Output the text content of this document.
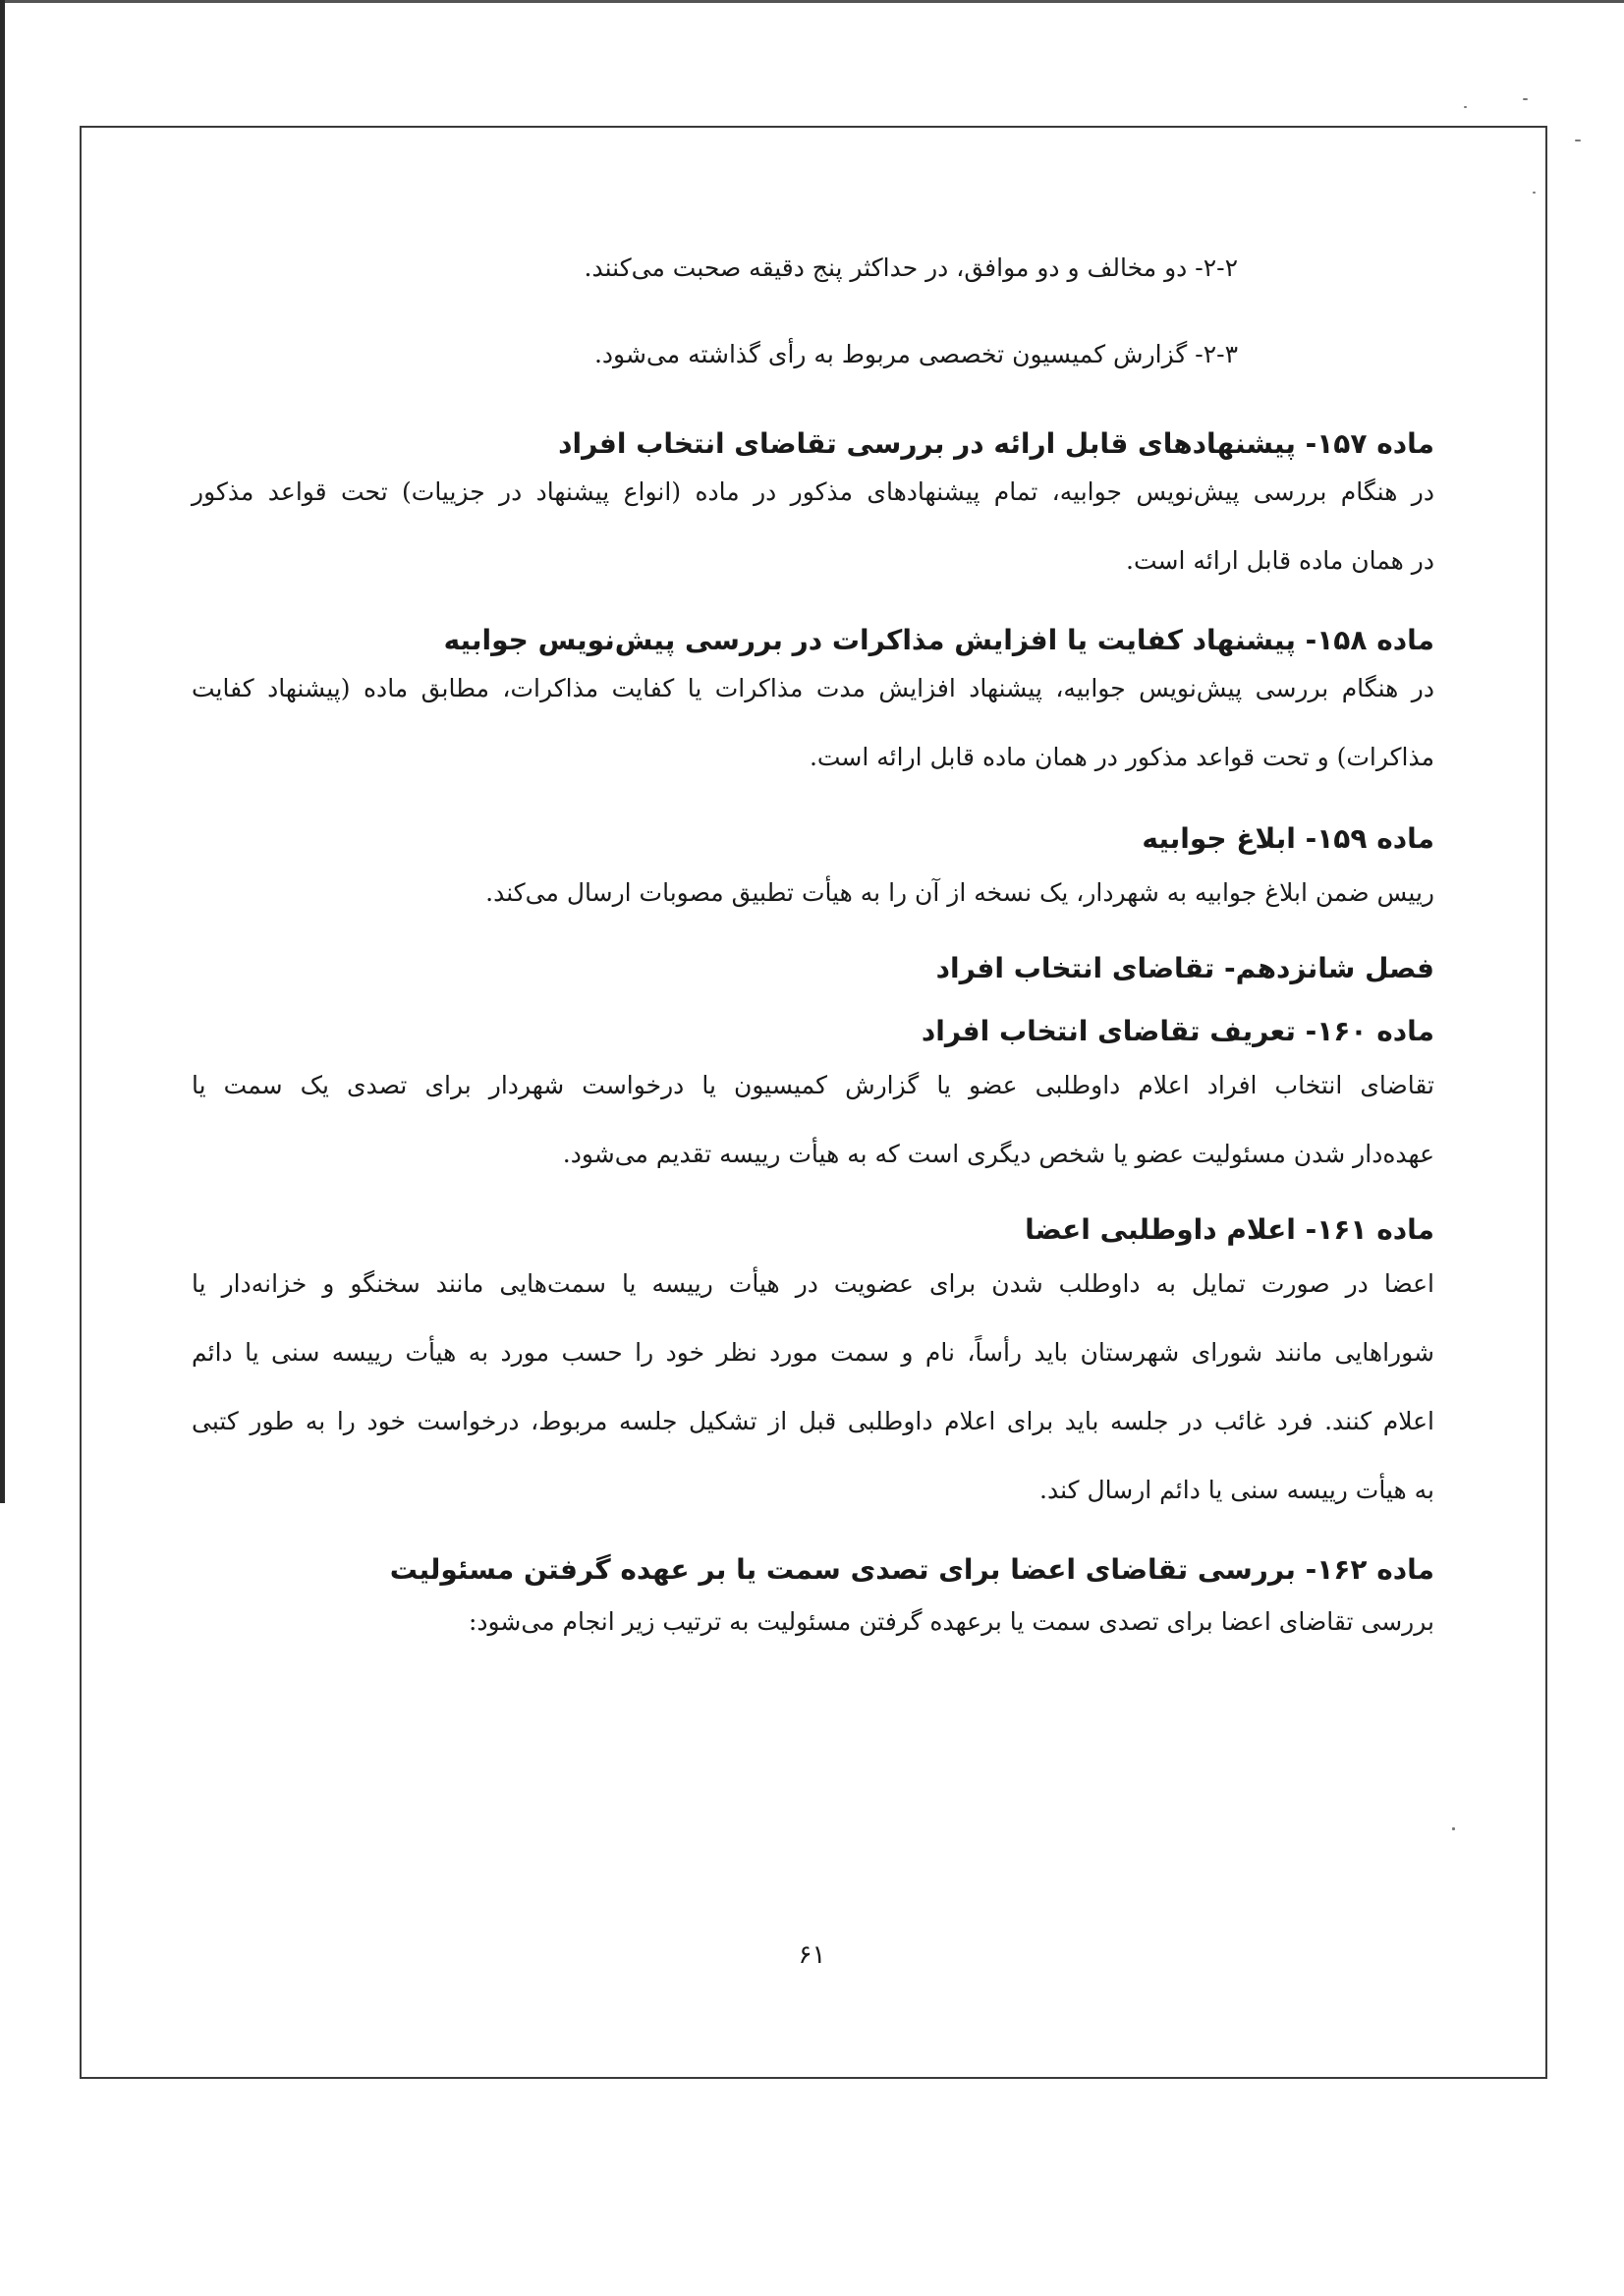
۲-۲- دو مخالف و دو موافق، در حداکثر پنج دقیقه صحبت می‌کنند.
۲-۳- گزارش کمیسیون تخصصی مربوط به رأی گذاشته می‌شود.
ماده ۱۵۷- پیشنهادهای قابل ارائه در بررسی تقاضای انتخاب افراد
در هنگام بررسی پیش‌نویس جوابیه، تمام پیشنهادهای مذکور در ماده (انواع پیشنهاد در جزییات) تحت قواعد مذکور
در همان ماده قابل ارائه است.
ماده ۱۵۸- پیشنهاد کفایت یا افزایش مذاکرات در بررسی پیش‌نویس جوابیه
در هنگام بررسی پیش‌نویس جوابیه، پیشنهاد افزایش مدت مذاکرات یا کفایت مذاکرات، مطابق ماده (پیشنهاد کفایت
مذاکرات) و تحت قواعد مذکور در همان ماده قابل ارائه است.
ماده ۱۵۹- ابلاغ جوابیه
رییس ضمن ابلاغ جوابیه به شهردار، یک نسخه از آن را به هیأت تطبیق مصوبات ارسال می‌کند.
فصل شانزدهم- تقاضای انتخاب افراد
ماده ۱۶۰- تعریف تقاضای انتخاب افراد
تقاضای انتخاب افراد اعلام داوطلبی عضو یا گزارش کمیسیون یا درخواست شهردار برای تصدی یک سمت یا
عهده‌دار شدن مسئولیت عضو یا شخص دیگری است که به هیأت رییسه تقدیم می‌شود.
ماده ۱۶۱- اعلام داوطلبی اعضا
اعضا در صورت تمایل به داوطلب شدن برای عضویت در هیأت رییسه یا سمت‌هایی مانند سخنگو و خزانه‌دار یا
شوراهایی مانند شورای شهرستان باید رأساً، نام و سمت مورد نظر خود را حسب مورد به هیأت رییسه سنی یا دائم
اعلام کنند. فرد غائب در جلسه باید برای اعلام داوطلبی قبل از تشکیل جلسه مربوط، درخواست خود را به طور کتبی
به هیأت رییسه سنی یا دائم ارسال کند.
ماده ۱۶۲- بررسی تقاضای اعضا برای تصدی سمت یا بر عهده گرفتن مسئولیت
بررسی تقاضای اعضا برای تصدی سمت یا برعهده گرفتن مسئولیت به ترتیب زیر انجام می‌شود:
۶۱
